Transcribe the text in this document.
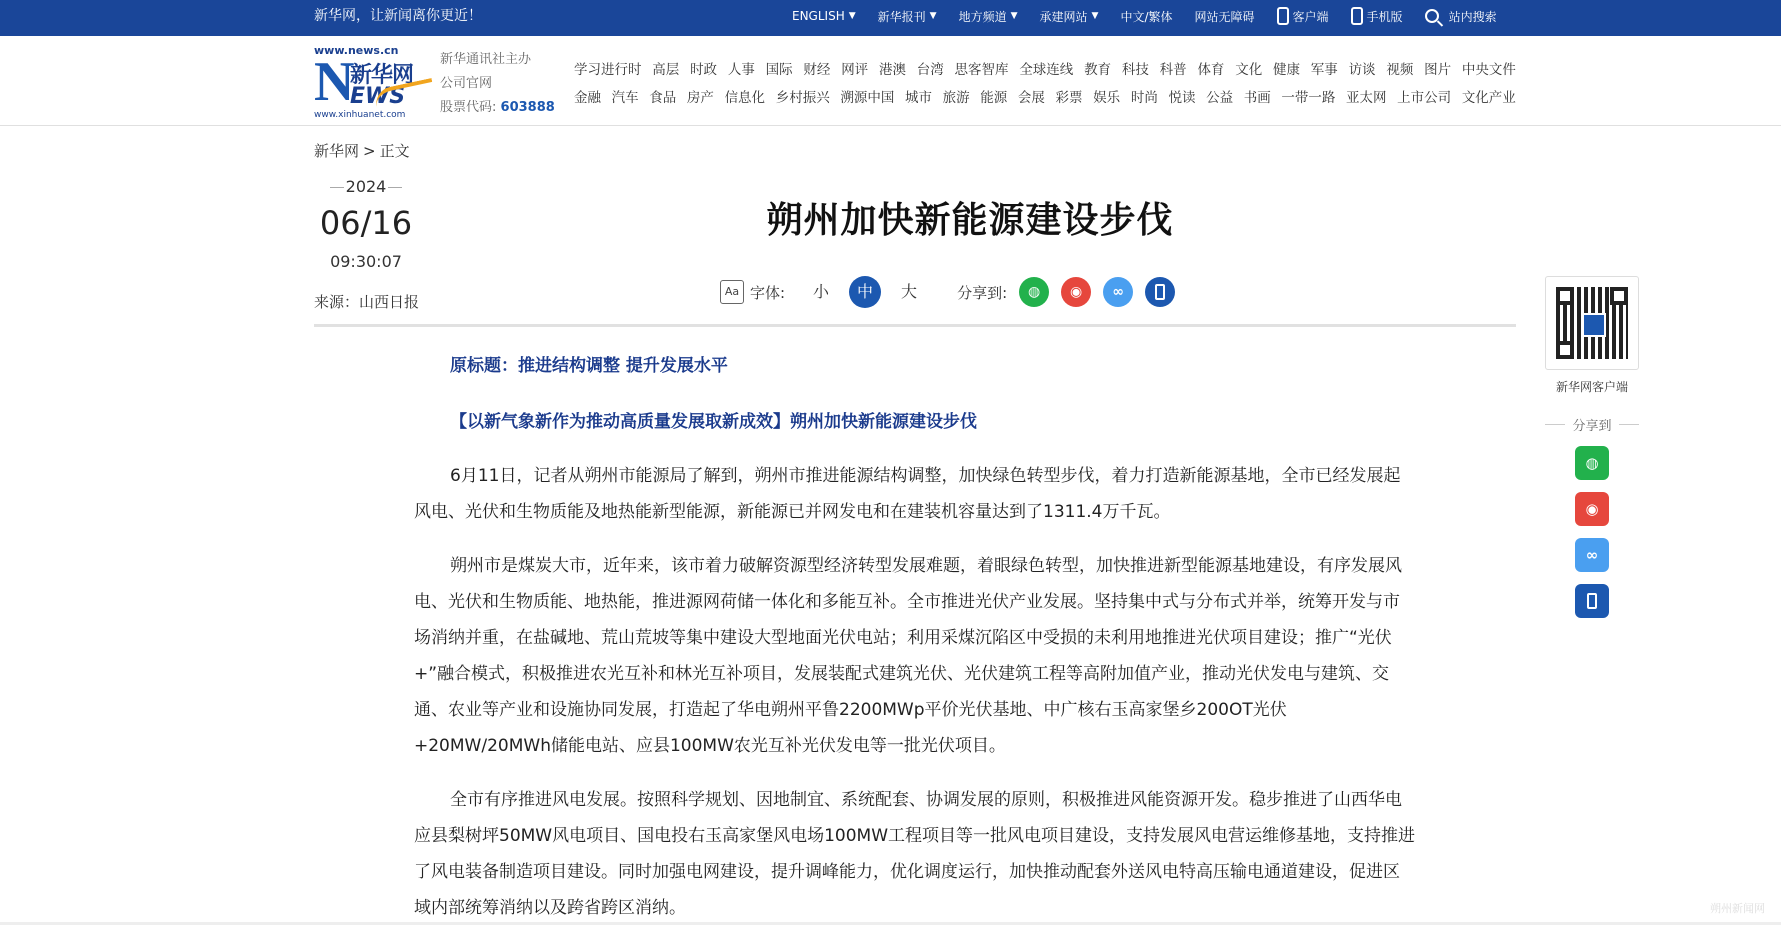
新华网，让新闻离你更近！	ENGLISH ▼ 新华报刊 ▼ 地方频道 ▼ 承建网站 ▼ 中文/繁体 网站无障碍	客户端	手机版	站内搜索
www.news.cn
N
新华网
EWS
www.xinhuanet.com
新华通讯社主办
公司官网
股票代码: 603888
学习进行时 高层 时政 人事 国际 财经 网评 港澳 台湾 思客智库 全球连线 教育 科技 科普 体育 文化 健康 军事 访谈 视频 图片 中央文件
金融 汽车 食品 房产 信息化 乡村振兴 溯源中国 城市 旅游 能源 会展 彩票 娱乐 时尚 悦读 公益 书画 一带一路 亚太网 上市公司 文化产业
新华网 > 正文
2024
06/16
09:30:07
来源：山西日报
朔州加快新能源建设步伐
Aa 字体:	小	中	大	分享到: ◍ ◉ ∞
原标题：推进结构调整 提升发展水平
【以新气象新作为推动高质量发展取新成效】朔州加快新能源建设步伐

6月11日，记者从朔州市能源局了解到，朔州市推进能源结构调整，加快绿色转型步伐，着力打造新能源基地，全市已经发展起风电、光伏和生物质能及地热能新型能源，新能源已并网发电和在建装机容量达到了1311.4万千瓦。

朔州市是煤炭大市，近年来，该市着力破解资源型经济转型发展难题，着眼绿色转型，加快推进新型能源基地建设，有序发展风电、光伏和生物质能、地热能，推进源网荷储一体化和多能互补。全市推进光伏产业发展。坚持集中式与分布式并举，统筹开发与市场消纳并重，在盐碱地、荒山荒坡等集中建设大型地面光伏电站；利用采煤沉陷区中受损的未利用地推进光伏项目建设；推广“光伏+”融合模式，积极推进农光互补和林光互补项目，发展装配式建筑光伏、光伏建筑工程等高附加值产业，推动光伏发电与建筑、交通、农业等产业和设施协同发展，打造起了华电朔州平鲁2200MWp平价光伏基地、中广核右玉高家堡乡200OT光伏+20MW/20MWh储能电站、应县100MW农光互补光伏发电等一批光伏项目。

全市有序推进风电发展。按照科学规划、因地制宜、系统配套、协调发展的原则，积极推进风能资源开发。稳步推进了山西华电应县梨树坪50MW风电项目、国电投右玉高家堡风电场100MW工程项目等一批风电项目建设，支持发展风电营运维修基地，支持推进了风电装备制造项目建设。同时加强电网建设，提升调峰能力，优化调度运行，加快推动配套外送风电特高压输电通道建设，促进区域内部统筹消纳以及跨省跨区消纳。

新华网客户端
分享到
◍
◉
∞
朔州新闻网
